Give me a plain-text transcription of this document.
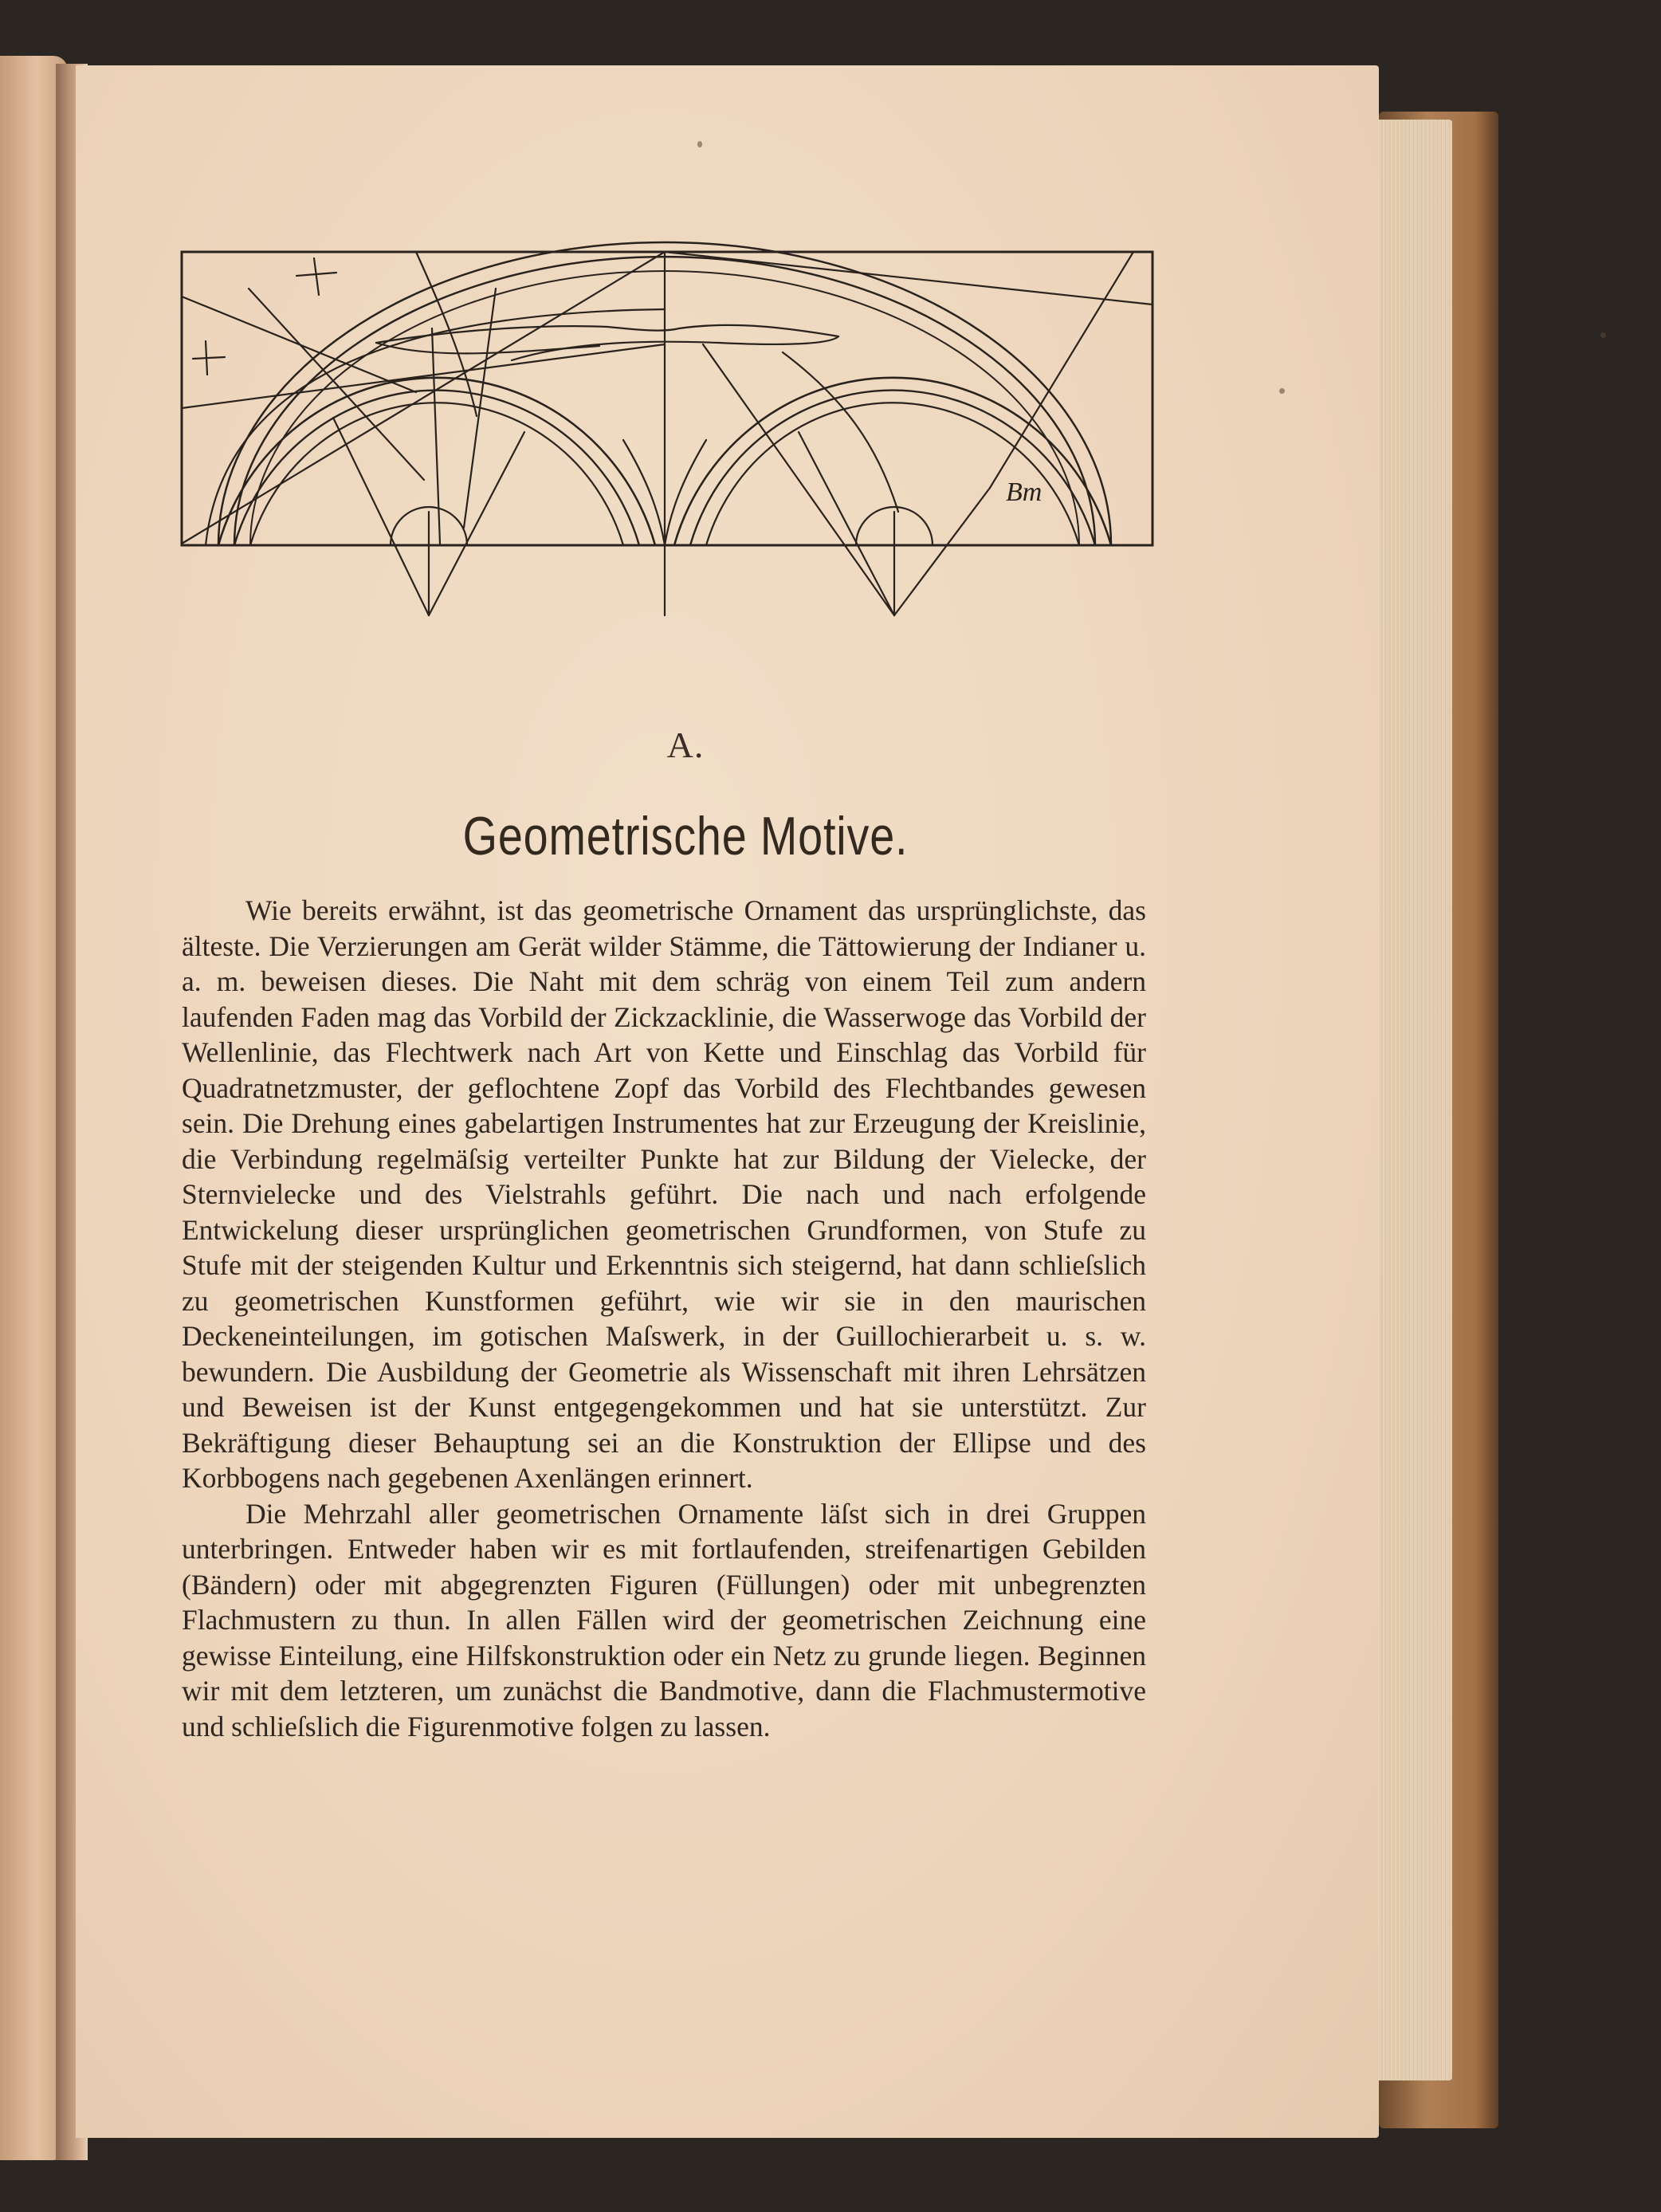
Bm
A.
Geometrische Motive.

Wie bereits erwähnt, ist das geometrische Ornament das ursprünglichste, das älteste. Die Verzierungen am Gerät wilder Stämme, die Tättowierung der Indianer u. a. m. beweisen dieses. Die Naht mit dem schräg von einem Teil zum andern laufenden Faden mag das Vorbild der Zickzacklinie, die Wasserwoge das Vorbild der Wellenlinie, das Flechtwerk nach Art von Kette und Einschlag das Vorbild für Quadratnetzmuster, der geflochtene Zopf das Vorbild des Flechtbandes gewesen sein. Die Drehung eines gabelartigen Instrumentes hat zur Erzeugung der Kreislinie, die Verbindung regelmäſsig verteilter Punkte hat zur Bildung der Vielecke, der Sternvielecke und des Vielstrahls geführt. Die nach und nach erfolgende Entwickelung dieser ursprünglichen geometrischen Grundformen, von Stufe zu Stufe mit der steigenden Kultur und Erkenntnis sich steigernd, hat dann schlieſslich zu geometrischen Kunstformen geführt, wie wir sie in den maurischen Deckeneinteilungen, im gotischen Maſswerk, in der Guillochierarbeit u. s. w. bewundern. Die Ausbildung der Geometrie als Wissenschaft mit ihren Lehrsätzen und Beweisen ist der Kunst entgegengekommen und hat sie unterstützt. Zur Bekräftigung dieser Behauptung sei an die Konstruktion der Ellipse und des Korbbogens nach gegebenen Axenlängen erinnert.

Die Mehrzahl aller geometrischen Ornamente läſst sich in drei Gruppen unterbringen. Entweder haben wir es mit fortlaufenden, streifenartigen Gebilden (Bändern) oder mit abgegrenzten Figuren (Füllungen) oder mit unbegrenzten Flachmustern zu thun. In allen Fällen wird der geometrischen Zeichnung eine gewisse Einteilung, eine Hilfskonstruktion oder ein Netz zu grunde liegen. Beginnen wir mit dem letzteren, um zunächst die Bandmotive, dann die Flachmustermotive und schlieſslich die Figurenmotive folgen zu lassen.
